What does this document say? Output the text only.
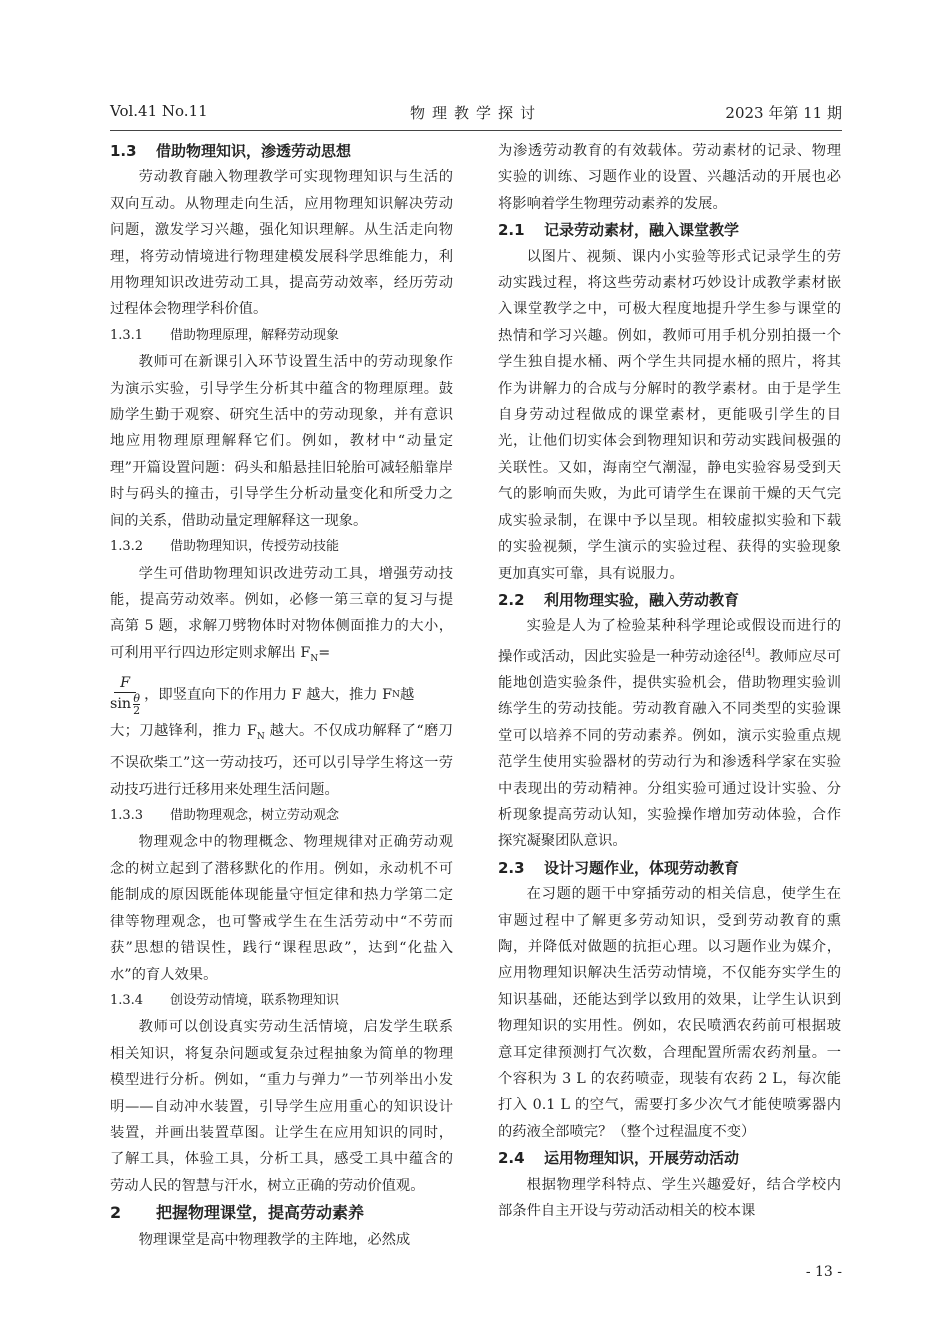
Vol.41 No.11	物理教学探讨	2023 年第 11 期
1.3 借助物理知识，渗透劳动思想

劳动教育融入物理教学可实现物理知识与生活的双向互动。从物理走向生活，应用物理知识解决劳动问题，激发学习兴趣，强化知识理解。从生活走向物理，将劳动情境进行物理建模发展科学思维能力，利用物理知识改进劳动工具，提高劳动效率，经历劳动过程体会物理学科价值。

1.3.1 借助物理原理，解释劳动现象

教师可在新课引入环节设置生活中的劳动现象作为演示实验，引导学生分析其中蕴含的物理原理。鼓励学生勤于观察、研究生活中的劳动现象，并有意识地应用物理原理解释它们。例如，教材中“动量定理”开篇设置问题：码头和船悬挂旧轮胎可减轻船靠岸时与码头的撞击，引导学生分析动量变化和所受力之间的关系，借助动量定理解释这一现象。

1.3.2 借助物理知识，传授劳动技能

学生可借助物理知识改进劳动工具，增强劳动技能，提高劳动效率。例如，必修一第三章的复习与提高第 5 题，求解刀劈物体时对物体侧面推力的大小，可利用平行四边形定则求解出 $F_N=$

F
sin θ
2 ，即竖直向下的作用力 F 越大，推力 F N 越

大；刀越锋利，推力 $F_N$ 越大。不仅成功解释了“磨刀不误砍柴工”这一劳动技巧，还可以引导学生将这一劳动技巧进行迁移用来处理生活问题。

1.3.3 借助物理观念，树立劳动观念

物理观念中的物理概念、物理规律对正确劳动观念的树立起到了潜移默化的作用。例如，永动机不可能制成的原因既能体现能量守恒定律和热力学第二定律等物理观念，也可警戒学生在生活劳动中“不劳而获”思想的错误性，践行“课程思政”，达到“化盐入水”的育人效果。

1.3.4 创设劳动情境，联系物理知识

教师可以创设真实劳动生活情境，启发学生联系相关知识，将复杂问题或复杂过程抽象为简单的物理模型进行分析。例如，“重力与弹力”一节列举出小发明——自动冲水装置，引导学生应用重心的知识设计装置，并画出装置草图。让学生在应用知识的同时，了解工具，体验工具，分析工具，感受工具中蕴含的劳动人民的智慧与汗水，树立正确的劳动价值观。

2 把握物理课堂，提高劳动素养

物理课堂是高中物理教学的主阵地，必然成

为渗透劳动教育的有效载体。劳动素材的记录、物理实验的训练、习题作业的设置、兴趣活动的开展也必将影响着学生物理劳动素养的发展。

2.1 记录劳动素材，融入课堂教学

以图片、视频、课内小实验等形式记录学生的劳动实践过程，将这些劳动素材巧妙设计成教学素材嵌入课堂教学之中，可极大程度地提升学生参与课堂的热情和学习兴趣。例如，教师可用手机分别拍摄一个学生独自提水桶、两个学生共同提水桶的照片，将其作为讲解力的合成与分解时的教学素材。由于是学生自身劳动过程做成的课堂素材，更能吸引学生的目光，让他们切实体会到物理知识和劳动实践间极强的关联性。又如，海南空气潮湿，静电实验容易受到天气的影响而失败，为此可请学生在课前干燥的天气完成实验录制，在课中予以呈现。相较虚拟实验和下载的实验视频，学生演示的实验过程、获得的实验现象更加真实可靠，具有说服力。

2.2 利用物理实验，融入劳动教育

实验是人为了检验某种科学理论或假设而进行的操作或活动，因此实验是一种劳动途径[4]。教师应尽可能地创造实验条件，提供实验机会，借助物理实验训练学生的劳动技能。劳动教育融入不同类型的实验课堂可以培养不同的劳动素养。例如，演示实验重点规范学生使用实验器材的劳动行为和渗透科学家在实验中表现出的劳动精神。分组实验可通过设计实验、分析现象提高劳动认知，实验操作增加劳动体验，合作探究凝聚团队意识。

2.3 设计习题作业，体现劳动教育

在习题的题干中穿插劳动的相关信息，使学生在审题过程中了解更多劳动知识，受到劳动教育的熏陶，并降低对做题的抗拒心理。以习题作业为媒介，应用物理知识解决生活劳动情境，不仅能夯实学生的知识基础，还能达到学以致用的效果，让学生认识到物理知识的实用性。例如，农民喷洒农药前可根据玻意耳定律预测打气次数，合理配置所需农药剂量。一个容积为 3 L 的农药喷壶，现装有农药 2 L，每次能打入 0.1 L 的空气，需要打多少次气才能使喷雾器内的药液全部喷完？（整个过程温度不变）

2.4 运用物理知识，开展劳动活动

根据物理学科特点、学生兴趣爱好，结合学校内部条件自主开设与劳动活动相关的校本课

- 13 -
